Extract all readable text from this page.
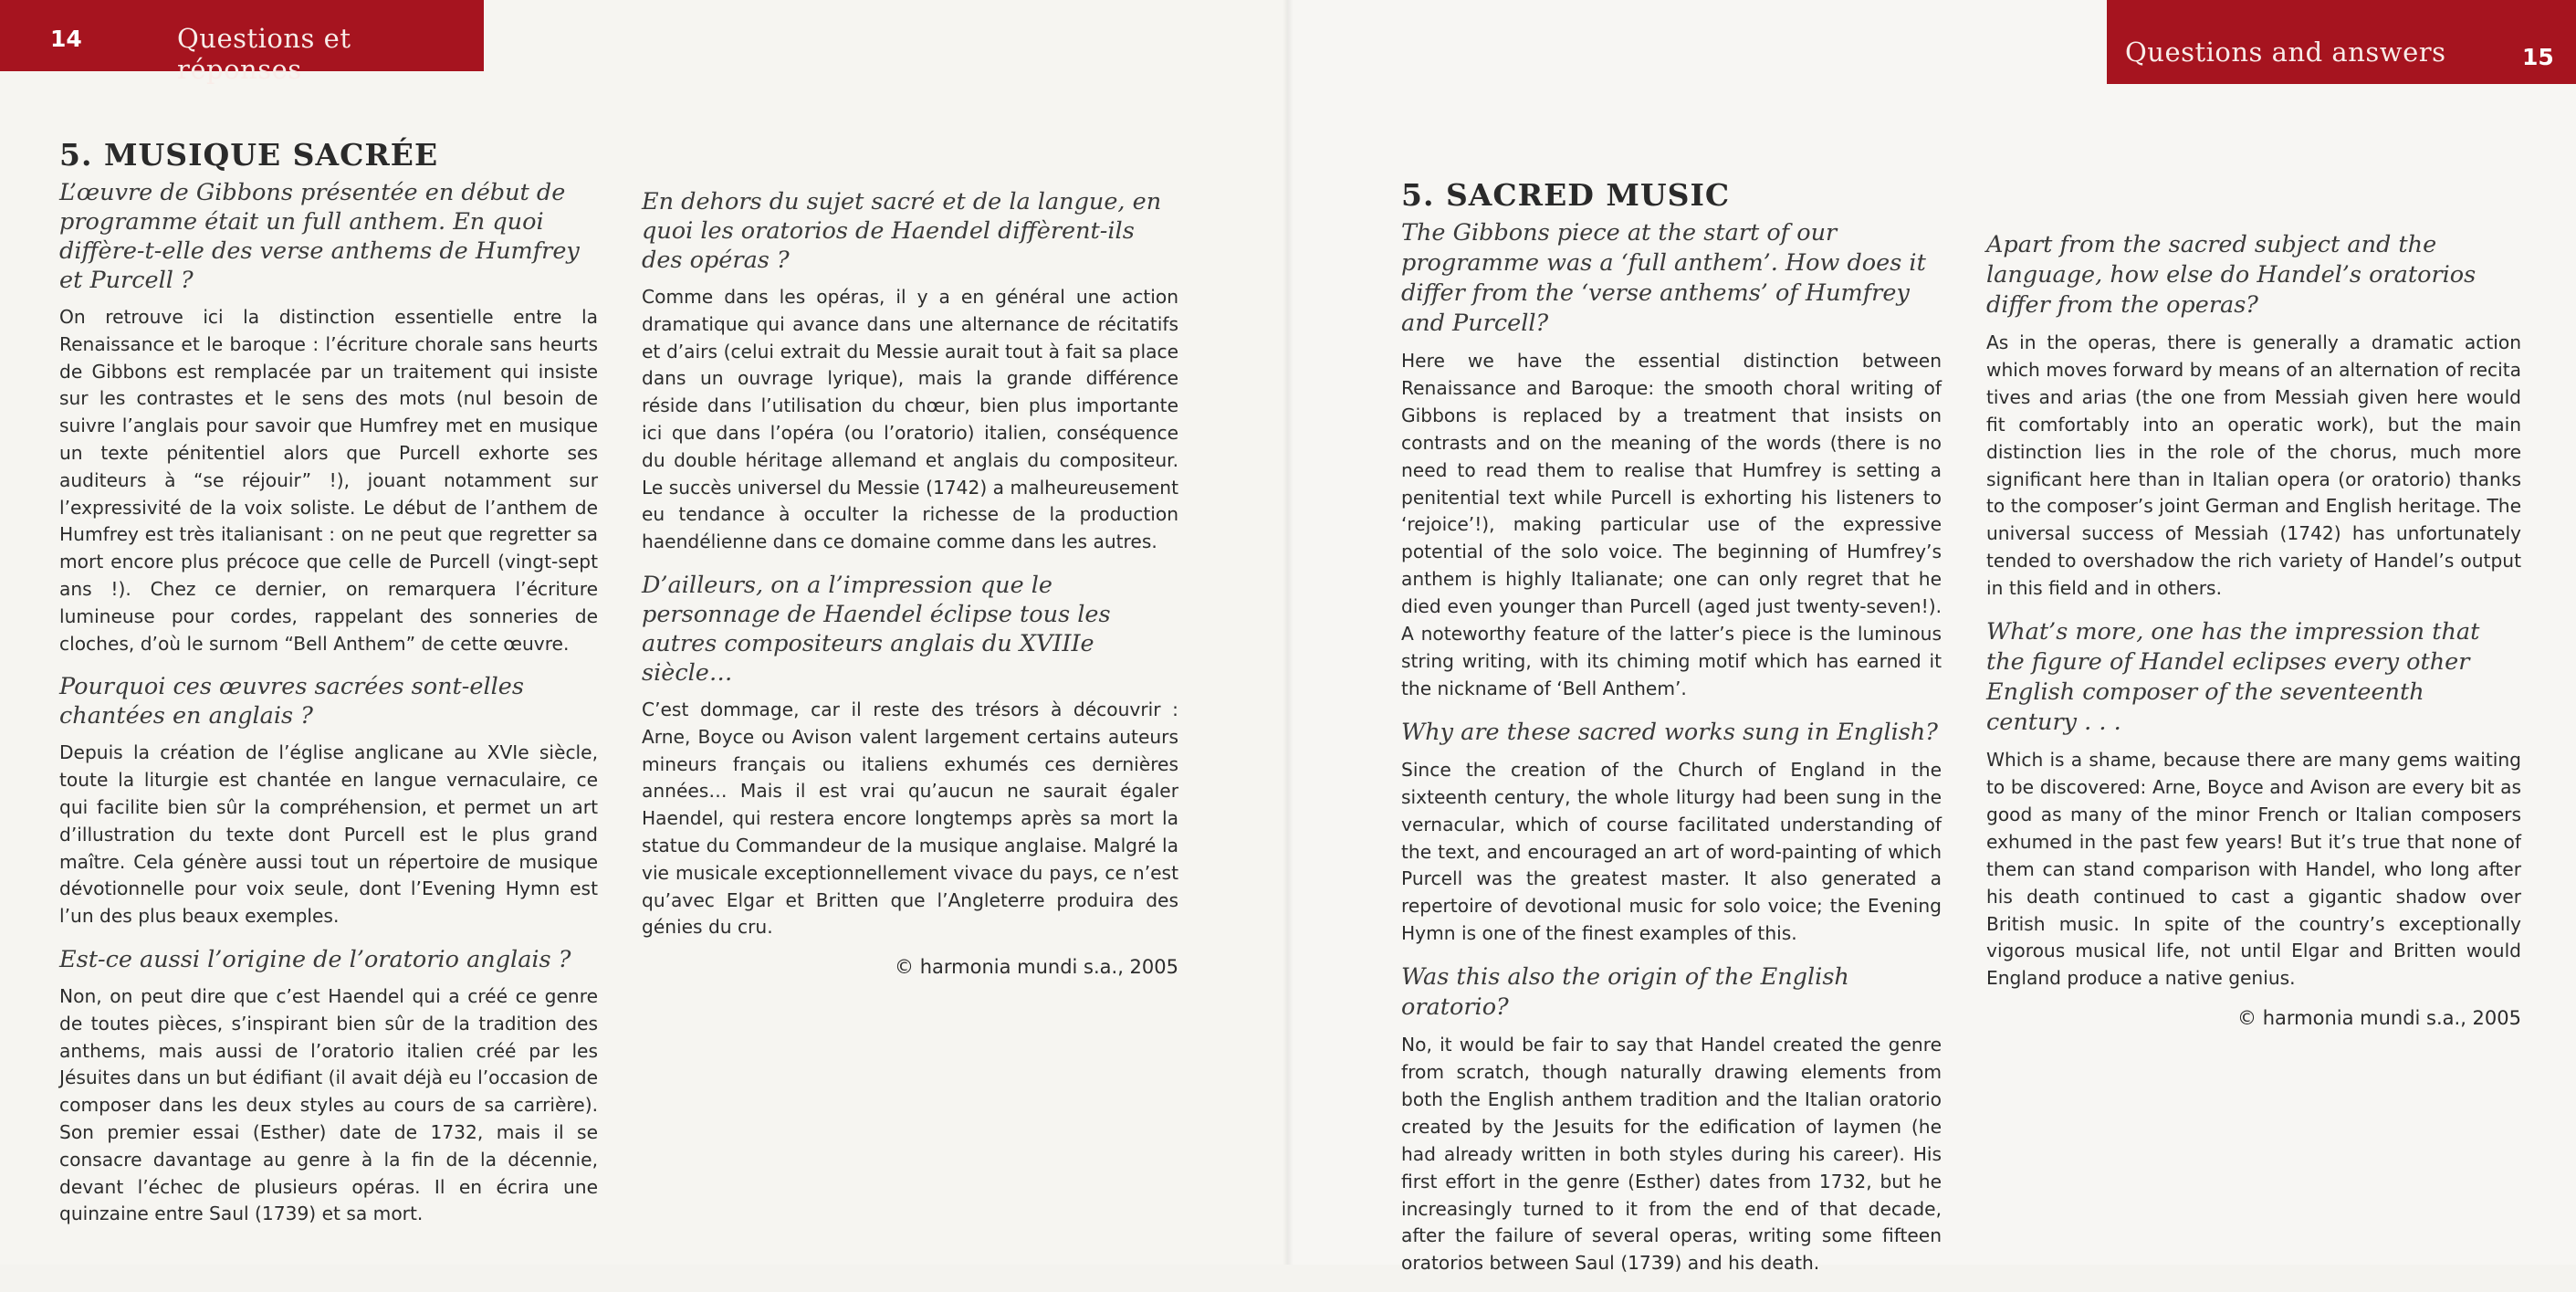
14	Questions et réponses
5. MUSIQUE SACRÉE
L’œuvre de Gibbons présentée en début de programme était un full anthem. En quoi diffère-t-elle des verse anthems de Humfrey et Purcell ?
On retrouve ici la distinction essentielle entre la Renaissance et le baroque : l’écriture chorale sans heurts de Gibbons est remplacée par un traitement qui insiste sur les contrastes et le sens des mots (nul besoin de suivre l’anglais pour savoir que Humfrey met en musique un texte pénitentiel alors que Purcell exhorte ses auditeurs à “se réjouir” !), jouant notamment sur l’expressivité de la voix soliste. Le début de l’anthem de Humfrey est très italianisant : on ne peut que regretter sa mort encore plus précoce que celle de Purcell (vingt-sept ans !). Chez ce dernier, on remarquera l’écriture lumineuse pour cordes, rappelant des sonneries de cloches, d’où le surnom “Bell Anthem” de cette œuvre.
Pourquoi ces œuvres sacrées sont-elles chantées en anglais ?
Depuis la création de l’église anglicane au XVIe siècle, toute la liturgie est chantée en langue vernaculaire, ce qui facilite bien sûr la compréhension, et permet un art d’illustration du texte dont Purcell est le plus grand maître. Cela génère aussi tout un répertoire de musique dévotionnelle pour voix seule, dont l’Evening Hymn est l’un des plus beaux exemples.
Est-ce aussi l’origine de l’oratorio anglais ?
Non, on peut dire que c’est Haendel qui a créé ce genre de toutes pièces, s’inspirant bien sûr de la tradition des anthems, mais aussi de l’oratorio italien créé par les Jésuites dans un but édifiant (il avait déjà eu l’occasion de composer dans les deux styles au cours de sa carrière). Son premier essai (Esther) date de 1732, mais il se consacre davantage au genre à la fin de la décennie, devant l’échec de plusieurs opéras. Il en écrira une quinzaine entre Saul (1739) et sa mort.
En dehors du sujet sacré et de la langue, en quoi les oratorios de Haendel diffèrent-ils des opéras ?
Comme dans les opéras, il y a en général une action dramatique qui avance dans une alternance de récitatifs et d’airs (celui extrait du Messie aurait tout à fait sa place dans un ouvrage lyrique), mais la grande différence réside dans l’utilisation du chœur, bien plus importante ici que dans l’opéra (ou l’oratorio) italien, conséquence du double héritage allemand et anglais du compositeur. Le succès universel du Messie (1742) a malheureusement eu tendance à occulter la richesse de la production haendélienne dans ce domaine comme dans les autres.
D’ailleurs, on a l’impression que le personnage de Haendel éclipse tous les autres compositeurs anglais du XVIIIe siècle…
C’est dommage, car il reste des trésors à découvrir : Arne, Boyce ou Avison valent largement certains auteurs mineurs français ou italiens exhumés ces dernières années… Mais il est vrai qu’aucun ne saurait égaler Haendel, qui restera encore longtemps après sa mort la statue du Commandeur de la musique anglaise. Malgré la vie musicale exceptionnellement vivace du pays, ce n’est qu’avec Elgar et Britten que l’Angleterre produira des génies du cru.
© harmonia mundi s.a., 2005
Questions and answers	15
5. SACRED MUSIC
The Gibbons piece at the start of our programme was a ‘full anthem’. How does it differ from the ‘verse anthems’ of Humfrey and Purcell?
Here we have the essential distinction between Renaissance and Baroque: the smooth choral writing of Gibbons is replaced by a treatment that insists on contrasts and on the meaning of the words (there is no need to read them to realise that Humfrey is setting a penitential text while Purcell is exhorting his listeners to ‘rejoice’!), making particular use of the expressive potential of the solo voice. The beginning of Humfrey’s anthem is highly Italianate; one can only regret that he died even younger than Purcell (aged just twenty-seven!). A noteworthy feature of the latter’s piece is the luminous string writing, with its chiming motif which has earned it the nickname of ‘Bell Anthem’.
Why are these sacred works sung in English?
Since the creation of the Church of England in the sixteenth century, the whole liturgy had been sung in the vernacular, which of course facilitated understanding of the text, and encouraged an art of word-painting of which Purcell was the greatest master. It also generated a repertoire of devotional music for solo voice; the Evening Hymn is one of the finest examples of this.
Was this also the origin of the English oratorio?
No, it would be fair to say that Handel created the genre from scratch, though naturally drawing elements from both the English anthem tradition and the Italian oratorio created by the Jesuits for the edification of laymen (he had already written in both styles during his career). His first effort in the genre (Esther) dates from 1732, but he increasingly turned to it from the end of that decade, after the failure of several operas, writing some fifteen oratorios between Saul (1739) and his death.
Apart from the sacred subject and the language, how else do Handel’s oratorios differ from the operas?
As in the operas, there is generally a dramatic action which moves forward by means of an alternation of recita tives and arias (the one from Messiah given here would fit comfortably into an operatic work), but the main distinction lies in the role of the chorus, much more significant here than in Italian opera (or oratorio) thanks to the composer’s joint German and English heritage. The universal success of Messiah (1742) has unfortunately tended to overshadow the rich variety of Handel’s output in this field and in others.
What’s more, one has the impression that the figure of Handel eclipses every other English composer of the seventeenth century . . .
Which is a shame, because there are many gems waiting to be discovered: Arne, Boyce and Avison are every bit as good as many of the minor French or Italian composers exhumed in the past few years! But it’s true that none of them can stand comparison with Handel, who long after his death continued to cast a gigantic shadow over British music. In spite of the country’s exceptionally vigorous musical life, not until Elgar and Britten would England produce a native genius.
© harmonia mundi s.a., 2005
